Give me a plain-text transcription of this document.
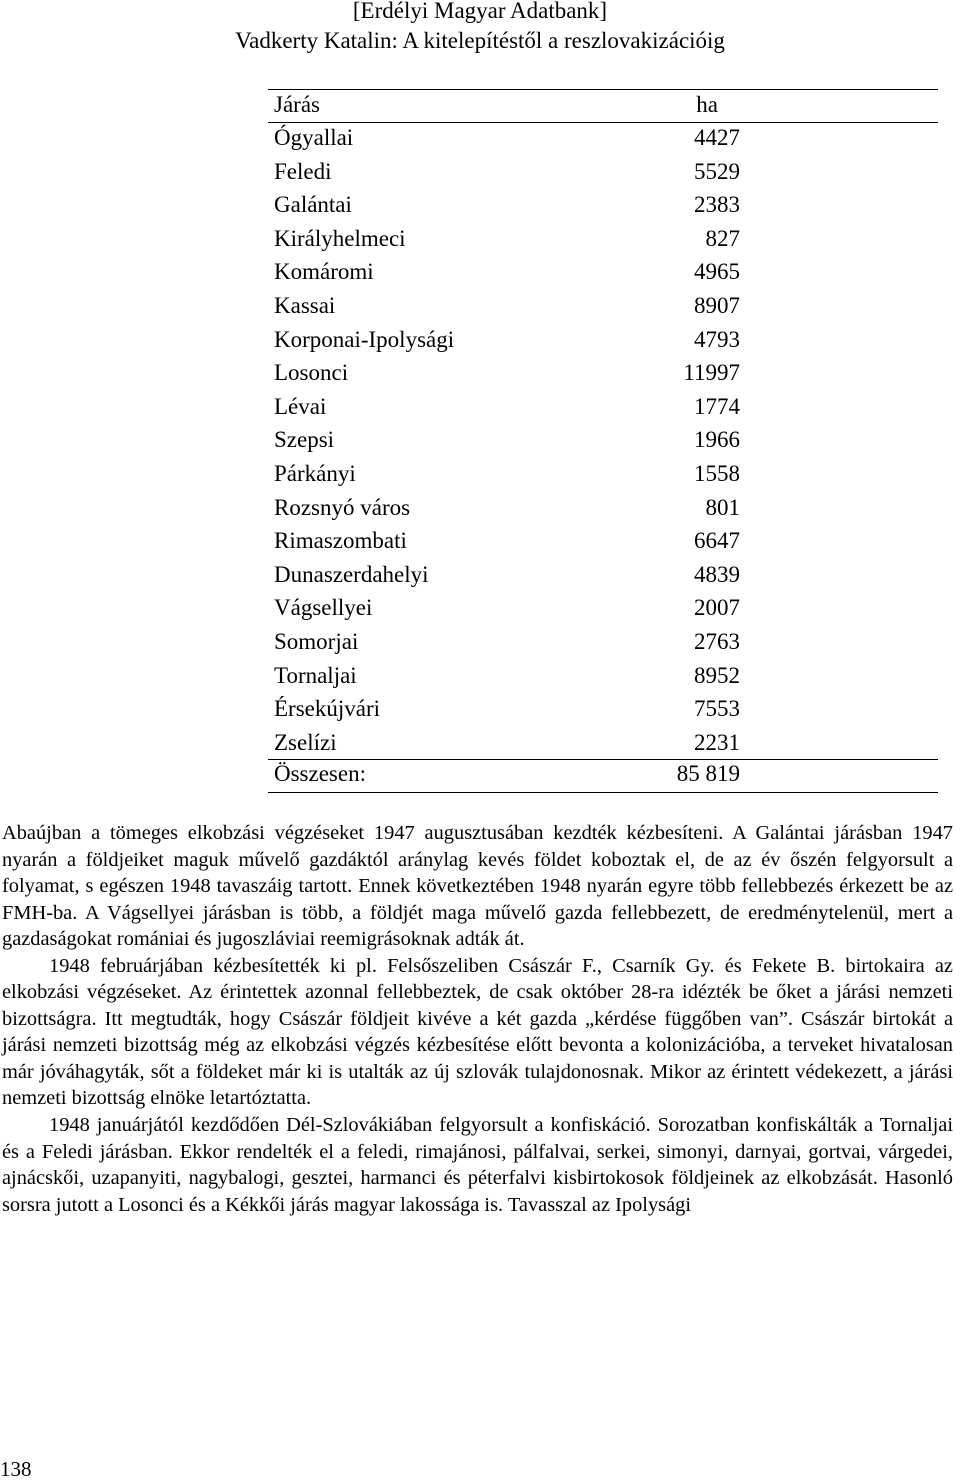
[Erdélyi Magyar Adatbank]
Vadkerty Katalin: A kitelepítéstől a reszlovakizációig
Járás	ha
Ógyallai	4427
Feledi	5529
Galántai	2383
Királyhelmeci	827
Komáromi	4965
Kassai	8907
Korponai-Ipolysági	4793
Losonci	11997
Lévai	1774
Szepsi	1966
Párkányi	1558
Rozsnyó város	801
Rimaszombati	6647
Dunaszerdahelyi	4839
Vágsellyei	2007
Somorjai	2763
Tornaljai	8952
Érsekújvári	7553
Zselízi	2231
Összesen:	85 819

Abaújban a tömeges elkobzási végzéseket 1947 augusztusában kezdték kézbesíteni. A Galántai járásban 1947 nyarán a földjeiket maguk művelő gazdáktól aránylag kevés földet koboztak el, de az év őszén felgyorsult a folyamat, s egészen 1948 tavaszáig tartott. Ennek következtében 1948 nyarán egyre több fellebbezés érkezett be az FMH-ba. A Vágsellyei járásban is több, a földjét maga művelő gazda fellebbezett, de eredménytelenül, mert a gazdaságokat romániai és jugoszláviai reemigrásoknak adták át.

1948 februárjában kézbesítették ki pl. Felsőszeliben Császár F., Csarník Gy. és Fekete B. birtokaira az elkobzási végzéseket. Az érintettek azonnal fellebbeztek, de csak október 28-ra idézték be őket a járási nemzeti bizottságra. Itt megtudták, hogy Császár földjeit kivéve a két gazda „kérdése függőben van”. Császár birtokát a járási nemzeti bizottság még az elkobzási végzés kézbesítése előtt bevonta a kolonizációba, a terveket hivatalosan már jóváhagyták, sőt a földeket már ki is utalták az új szlovák tulajdonosnak. Mikor az érintett védekezett, a járási nemzeti bizottság elnöke letartóztatta.

1948 januárjától kezdődően Dél-Szlovákiában felgyorsult a konfiskáció. Sorozatban konfiskálták a Tornaljai és a Feledi járásban. Ekkor rendelték el a feledi, rimajánosi, pálfalvai, serkei, simonyi, darnyai, gortvai, várgedei, ajnácskői, uzapanyiti, nagybalogi, gesztei, harmanci és péterfalvi kisbirtokosok földjeinek az elkobzását. Hasonló sorsra jutott a Losonci és a Kékkői járás magyar lakossága is. Tavasszal az Ipolysági

138
